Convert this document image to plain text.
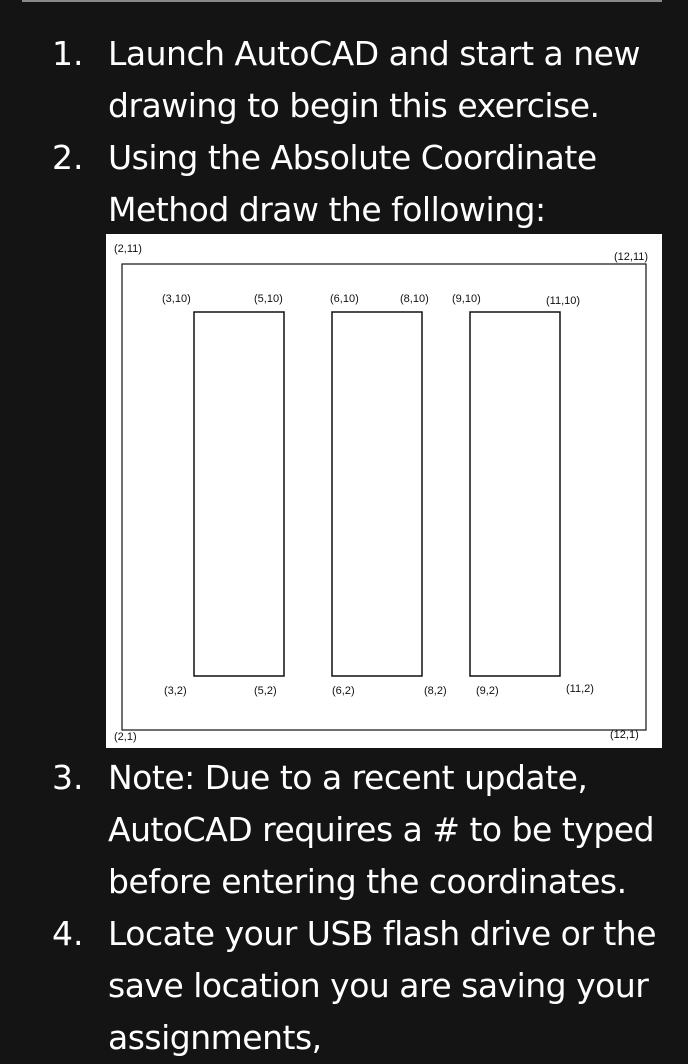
1. Launch AutoCAD and start a new
drawing to begin this exercise.
2. Using the Absolute Coordinate
Method draw the following:
(2,11)
(12,11)
(2,1)	(12,1)
(3,10)	(5,10)
(3,2)	(5,2)
(6,10)	(8,10)
(6,2)	(8,2)
(9,10)	(11,10)
(9,2)	(11,2)
3. Note: Due to a recent update,
AutoCAD requires a # to be typed
before entering the coordinates.
4. Locate your USB flash drive or the
save location you are saving your
assignments,
